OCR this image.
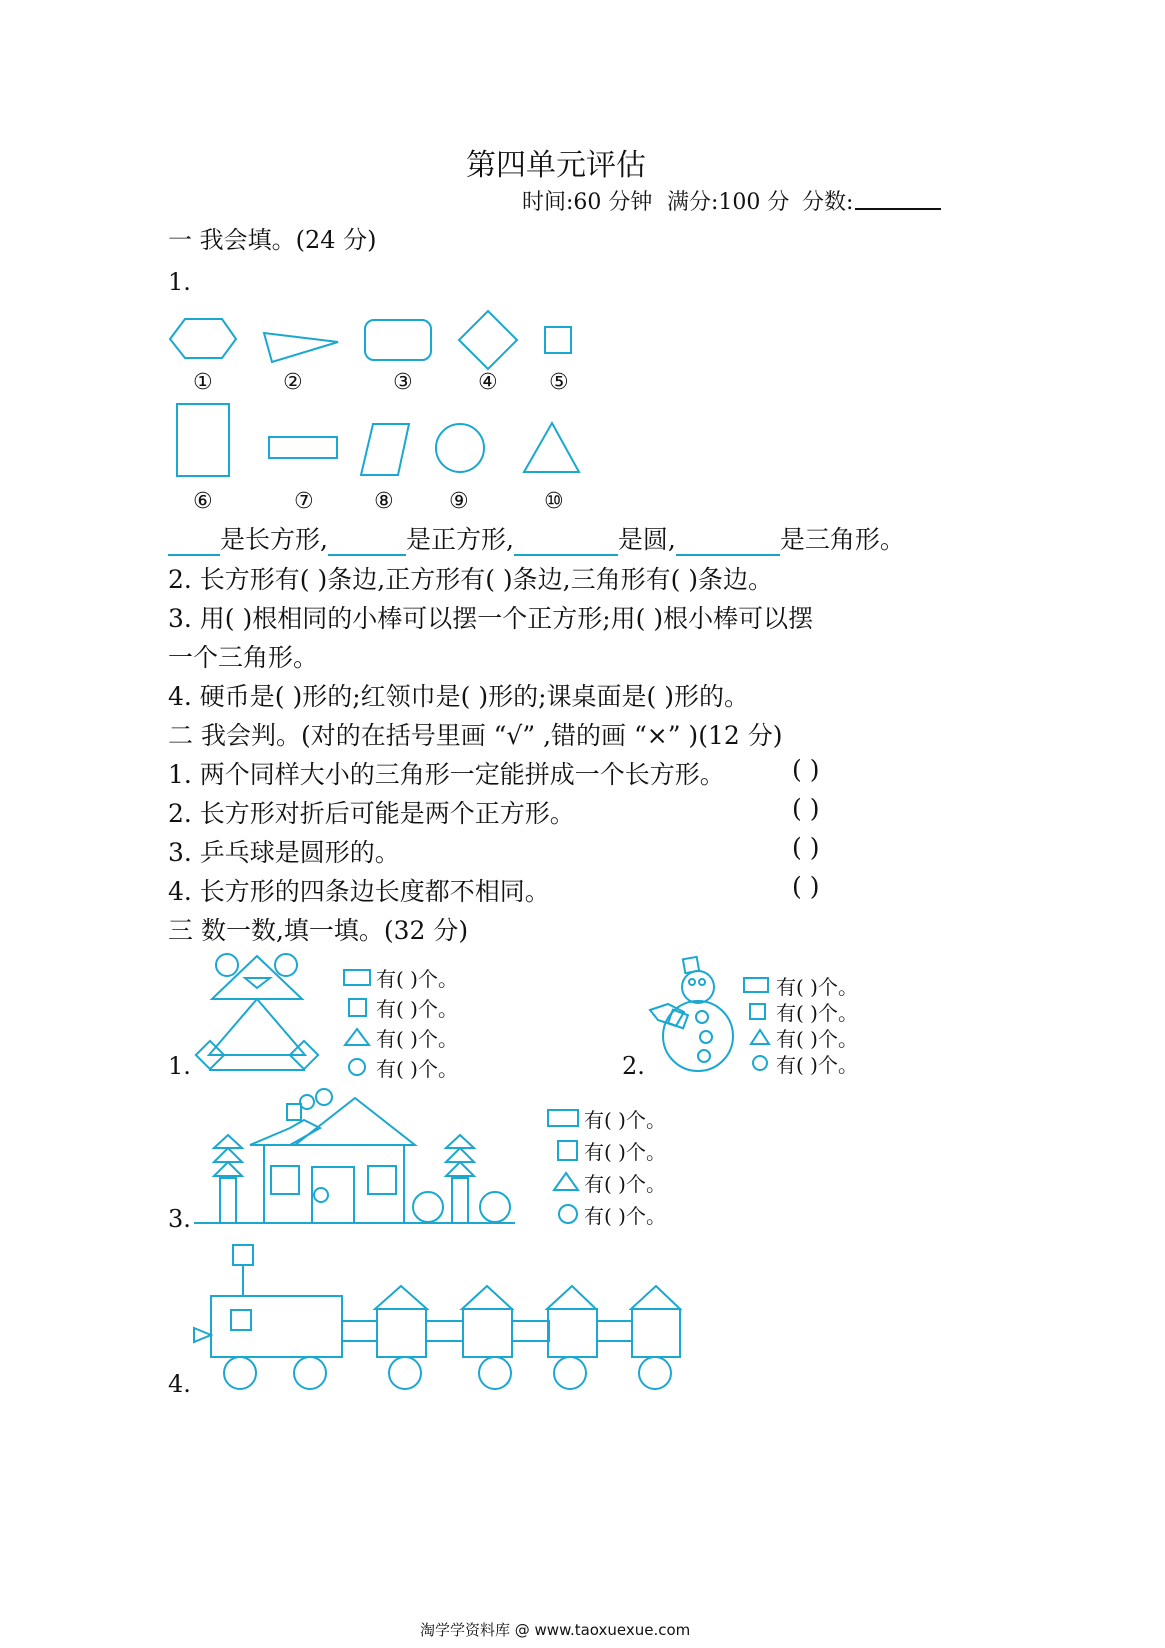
第四单元评估
时间:60 分钟 满分:100 分 分数:
一 我会填。(24 分)
1.
①	②	③	④ ⑤
⑥	⑦	⑧	⑨	⑩
是长方形,	是正方形,	是圆,	是三角形。
2. 长方形有( )条边,正方形有( )条边,三角形有( )条边。
3. 用( )根相同的小棒可以摆一个正方形;用( )根小棒可以摆
一个三角形。
4. 硬币是( )形的;红领巾是( )形的;课桌面是( )形的。
二 我会判。(对的在括号里画 “√” ,错的画 “×” )(12 分)
1. 两个同样大小的三角形一定能拼成一个长方形。	( )
2. 长方形对折后可能是两个正方形。	( )
3. 乒乓球是圆形的。	( )
4. 长方形的四条边长度都不相同。	( )
三 数一数,填一填。(32 分)
1.
有( )个。
有( )个。
有( )个。
有( )个。	2.
有( )个。
有( )个。
有( )个。
有( )个。
3.
有( )个。
有( )个。
有( )个。
有( )个。
4.
淘学学资料库 @ www.taoxuexue.com
